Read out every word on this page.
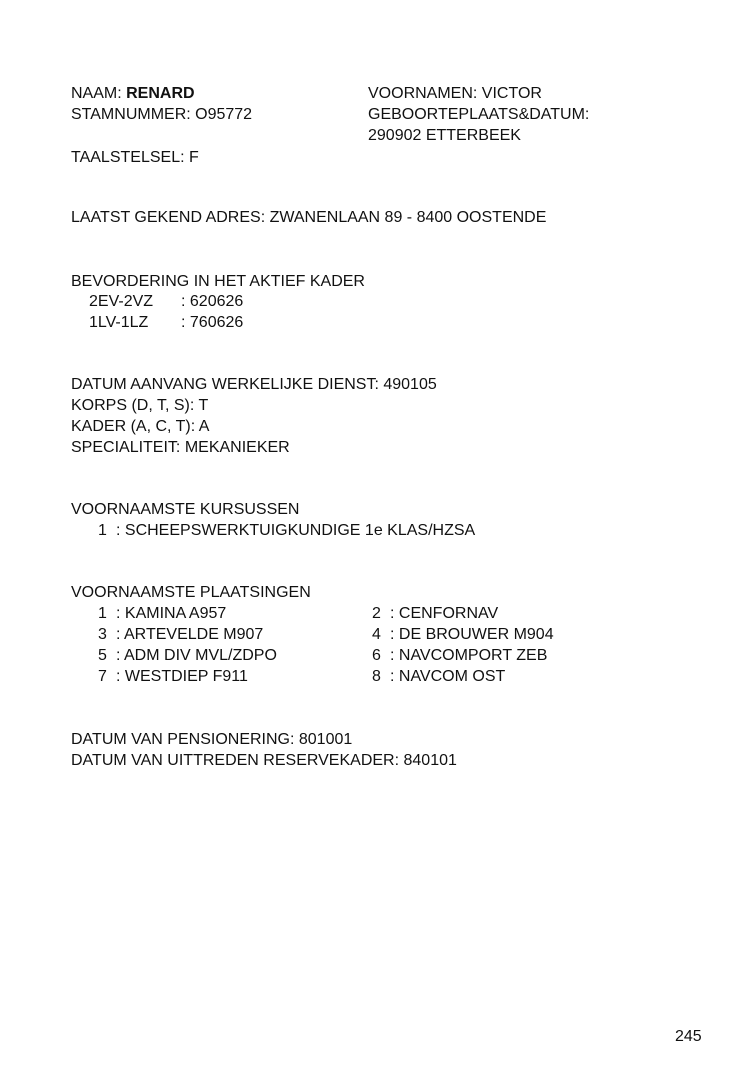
NAAM: RENARD	VOORNAMEN: VICTOR
STAMNUMMER: O95772	GEBOORTEPLAATS&DATUM:
290902 ETTERBEEK
TAALSTELSEL: F
LAATST GEKEND ADRES: ZWANENLAAN 89 - 8400 OOSTENDE
BEVORDERING IN HET AKTIEF KADER
2EV-2VZ : 620626
1LV-1LZ : 760626
DATUM AANVANG WERKELIJKE DIENST: 490105
KORPS (D, T, S): T
KADER (A, C, T): A
SPECIALITEIT: MEKANIEKER
VOORNAAMSTE KURSUSSEN
1 : SCHEEPSWERKTUIGKUNDIGE 1e KLAS/HZSA
VOORNAAMSTE PLAATSINGEN
1 : KAMINA A957
3 : ARTEVELDE M907
5 : ADM DIV MVL/ZDPO
7 : WESTDIEP F911
2 : CENFORNAV
4 : DE BROUWER M904
6 : NAVCOMPORT ZEB
8 : NAVCOM OST
DATUM VAN PENSIONERING: 801001
DATUM VAN UITTREDEN RESERVEKADER: 840101
245
